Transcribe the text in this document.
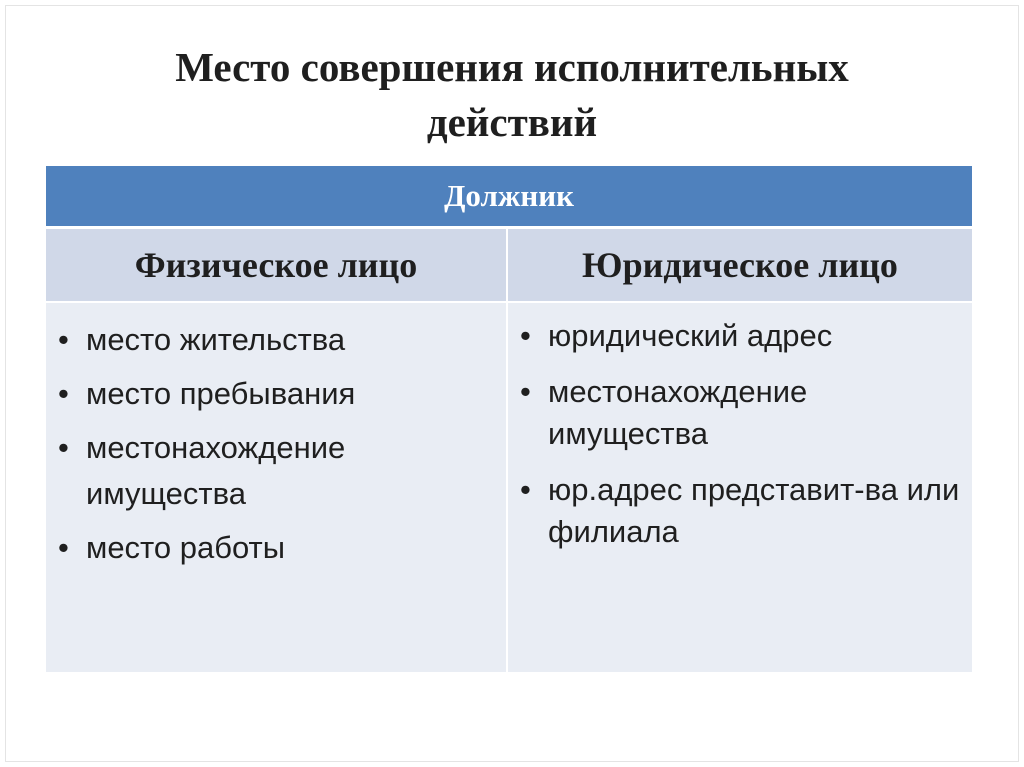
Место совершения исполнительных
действий
Должник
Физическое лицо	Юридическое лицо
• место жительства
• место пребывания
• местонахождение имущества
• место работы
• юридический адрес
• местонахождение имущества
• юр.адрес представит-ва или филиала
